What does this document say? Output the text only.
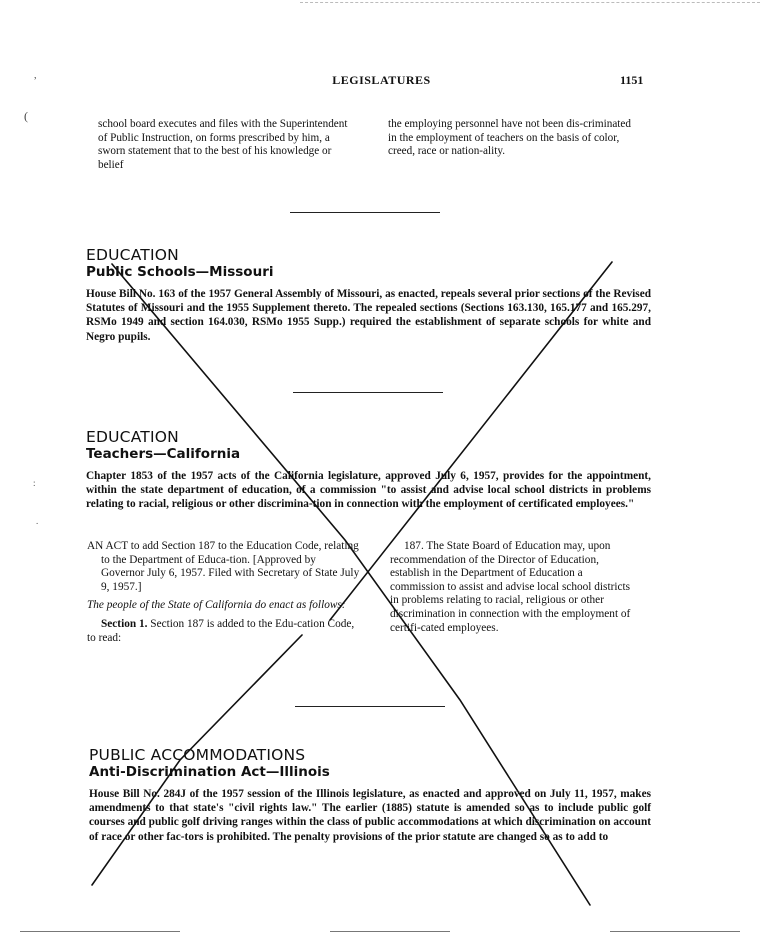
LEGISLATURES	1151

school board executes and files with the Superintendent of Public Instruction, on forms prescribed by him, a sworn statement that to the best of his knowledge or belief

the employing personnel have not been dis-criminated in the employment of teachers on the basis of color, creed, race or nation-ality.

EDUCATION
Public Schools—Missouri

House Bill No. 163 of the 1957 General Assembly of Missouri, as enacted, repeals several prior sections of the Revised Statutes of Missouri and the 1955 Supplement thereto. The repealed sections (Sections 163.130, 165.177 and 165.297, RSMo 1949 and section 164.030, RSMo 1955 Supp.) required the establishment of separate schools for white and Negro pupils.

EDUCATION
Teachers—California

Chapter 1853 of the 1957 acts of the California legislature, approved July 6, 1957, provides for the appointment, within the state department of education, of a commission "to assist and advise local school districts in problems relating to racial, religious or other discrimina-tion in connection with the employment of certificated employees."

AN ACT to add Section 187 to the Education Code, relating to the Department of Educa-tion. [Approved by Governor July 6, 1957. Filed with Secretary of State July 9, 1957.]

The people of the State of California do enact as follows:

Section 1. Section 187 is added to the Edu-cation Code, to read:

187. The State Board of Education may, upon recommendation of the Director of Education, establish in the Department of Education a commission to assist and advise local school districts in problems relating to racial, religious or other discrimination in connection with the employment of certifi-cated employees.

PUBLIC ACCOMMODATIONS
Anti-Discrimination Act—Illinois

House Bill No. 284J of the 1957 session of the Illinois legislature, as enacted and approved on July 11, 1957, makes amendments to that state's "civil rights law." The earlier (1885) statute is amended so as to include public golf courses and public golf driving ranges within the class of public accommodations at which discrimination on account of race or other fac-tors is prohibited. The penalty provisions of the prior statute are changed so as to add to

,
(
:
.
